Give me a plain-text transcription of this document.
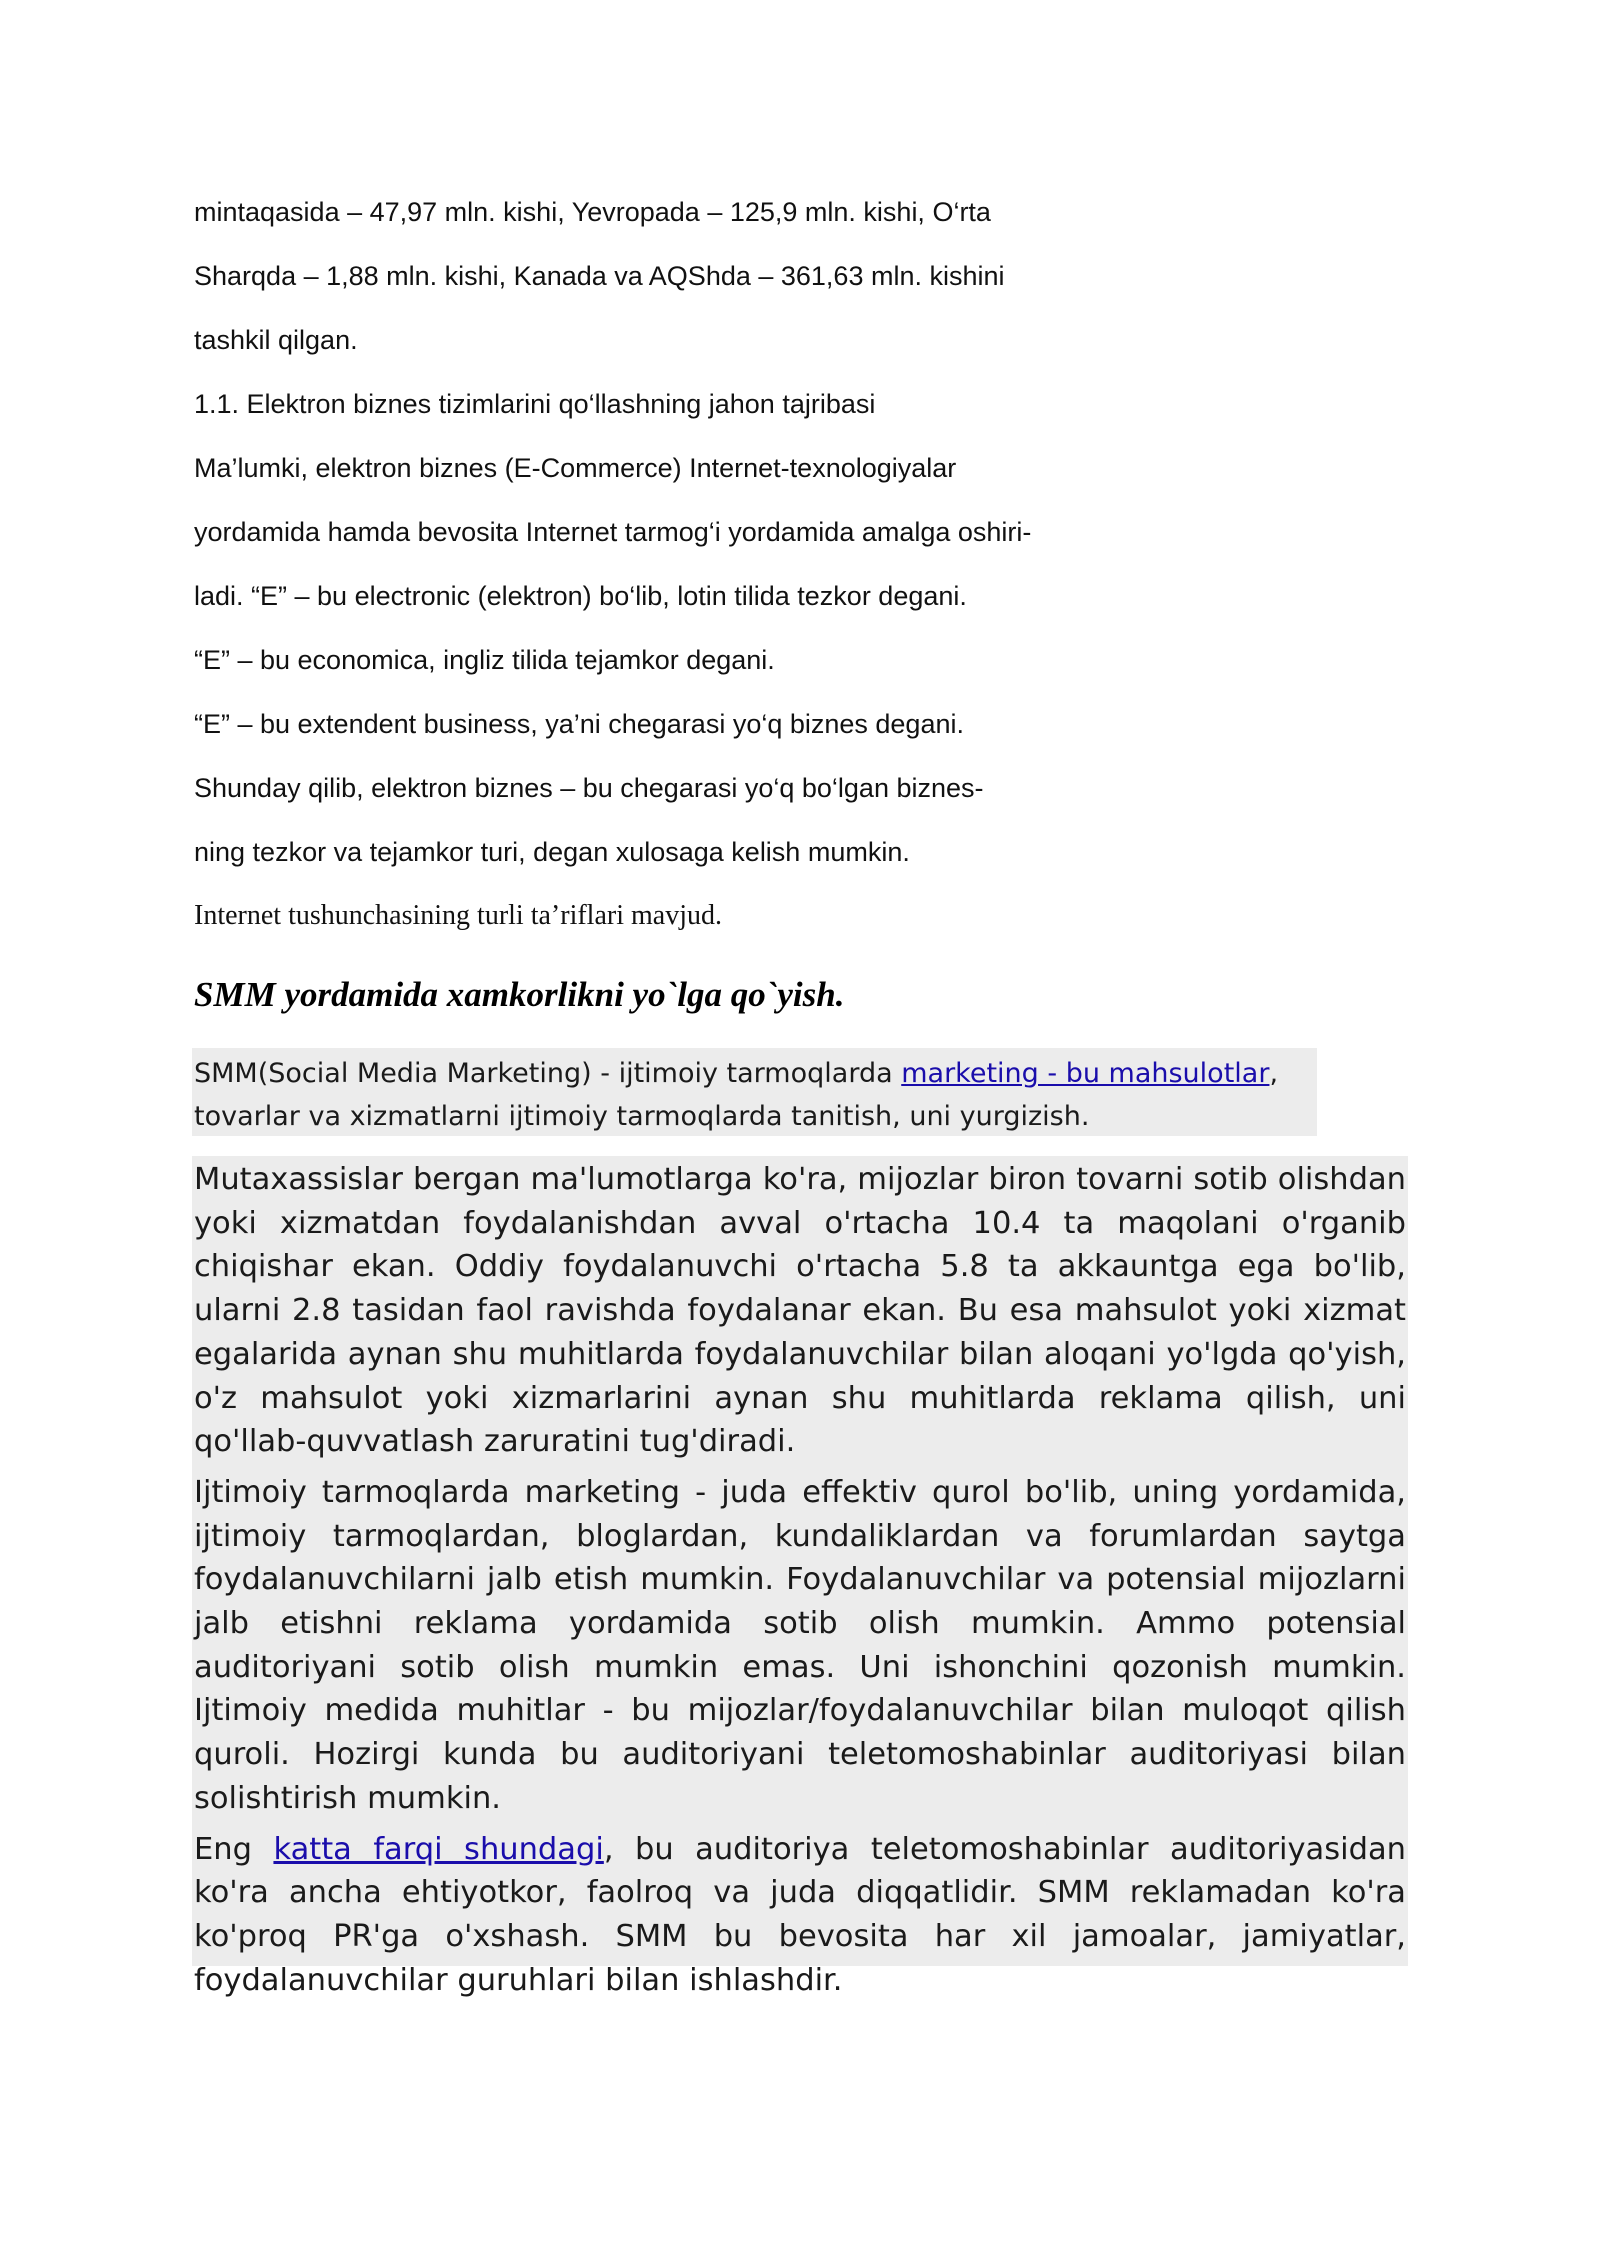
mintaqasida – 47,97 mln. kishi, Yevropada – 125,9 mln. kishi, O‘rta
Sharqda – 1,88 mln. kishi, Kanada va AQShda – 361,63 mln. kishini
tashkil qilgan.
1.1. Elektron biznes tizimlarini qo‘llashning jahon tajribasi
Ma’lumki, elektron biznes (E-Commerce) Internet-texnologiyalar
yordamida hamda bevosita Internet tarmog‘i yordamida amalga oshiri-
ladi. “E” – bu electronic (elektron) bo‘lib, lotin tilida tezkor degani.
“E” – bu economica, ingliz tilida tejamkor degani.
“E” – bu extendent business, ya’ni chegarasi yo‘q biznes degani.
Shunday qilib, elektron biznes – bu chegarasi yo‘q bo‘lgan biznes-
ning tezkor va tejamkor turi, degan xulosaga kelish mumkin.
Internet tushunchasining turli ta’riflari mavjud.
SMM yordamida xamkorlikni yo`lga qo`yish.
SMM(Social Media Marketing) - ijtimoiy tarmoqlarda marketing - bu mahsulotlar, tovarlar va xizmatlarni ijtimoiy tarmoqlarda tanitish, uni yurgizish.

Mutaxassislar bergan ma'lumotlarga ko'ra, mijozlar biron tovarni sotib olishdan yoki xizmatdan foydalanishdan avval o'rtacha 10.4 ta maqolani o'rganib chiqishar ekan. Oddiy foydalanuvchi o'rtacha 5.8 ta akkauntga ega bo'lib, ularni 2.8 tasidan faol ravishda foydalanar ekan. Bu esa mahsulot yoki xizmat egalarida aynan shu muhitlarda foydalanuvchilar bilan aloqani yo'lgda qo'yish, o'z mahsulot yoki xizmarlarini aynan shu muhitlarda reklama qilish, uni qo'llab-quvvatlash zaruratini tug'diradi.

Ijtimoiy tarmoqlarda marketing - juda effektiv qurol bo'lib, uning yordamida, ijtimoiy tarmoqlardan, bloglardan, kundaliklardan va forumlardan saytga foydalanuvchilarni jalb etish mumkin. Foydalanuvchilar va potensial mijozlarni jalb etishni reklama yordamida sotib olish mumkin. Ammo potensial auditoriyani sotib olish mumkin emas. Uni ishonchini qozonish mumkin. Ijtimoiy medida muhitlar - bu mijozlar/foydalanuvchilar bilan muloqot qilish quroli. Hozirgi kunda bu auditoriyani teletomoshabinlar auditoriyasi bilan solishtirish mumkin.

Eng katta farqi shundagi, bu auditoriya teletomoshabinlar auditoriyasidan ko'ra ancha ehtiyotkor, faolroq va juda diqqatlidir. SMM reklamadan ko'ra ko'proq PR'ga o'xshash. SMM bu bevosita har xil jamoalar, jamiyatlar, foydalanuvchilar guruhlari bilan ishlashdir.
